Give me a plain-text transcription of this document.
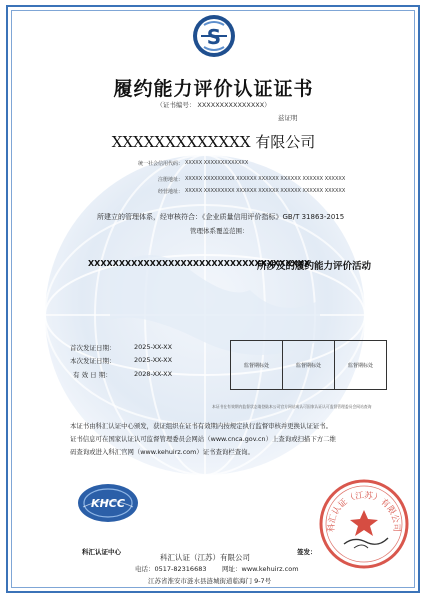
S
履约能力评价认证证书
（证书编号： XXXXXXXXXXXXXXX）
兹证明
XXXXXXXXXXXXX 有限公司
统一社会信用代码： XXXXX XXXXXXXXXXXXX
注册地址： XXXXX XXXXXXXXX XXXXXX XXXXXX XXXXXX XXXXXX XXXXXX
经营地址： XXXXX XXXXXXXXX XXXXXX XXXXXX XXXXXX XXXXXX XXXXXX
所建立的管理体系，经审核符合：《企业质量信用评价指标》GB/T 31863-2015
管理体系覆盖范围：
XXXXXXXXXXXXXXXXXXXXXXXXXXXXXXXXXXXX
所涉及的履约能力评价活动
首次发证日期：	2025-XX-XX
本次发证日期：	2025-XX-XX
有 效 日 期：	2028-XX-XX
监督期标处	监督期标处	监督期标处
本证书在有效期内监督状态请登陆本公司官方网站或认可国家认证认可监督管理委员会网站查询
本证书由科汇认证中心颁发，获证组织在证书有效期内按规定执行监督审核并更换认证证书。
证书信息可在国家认证认可监督管理委员会网站（www.cnca.gov.cn）上查询或扫描下方二维
码查询或进入科汇官网（www.kehuirz.com）证书查询栏查询。
KHCC
科汇认证中心	签发：
科汇认证（江苏）有限公司
电话：0517-82316683 网址：www.kehuirz.com
江苏省淮安市涟水县涟城街道临海门 9-7号
科汇认证（江苏）有限公司
